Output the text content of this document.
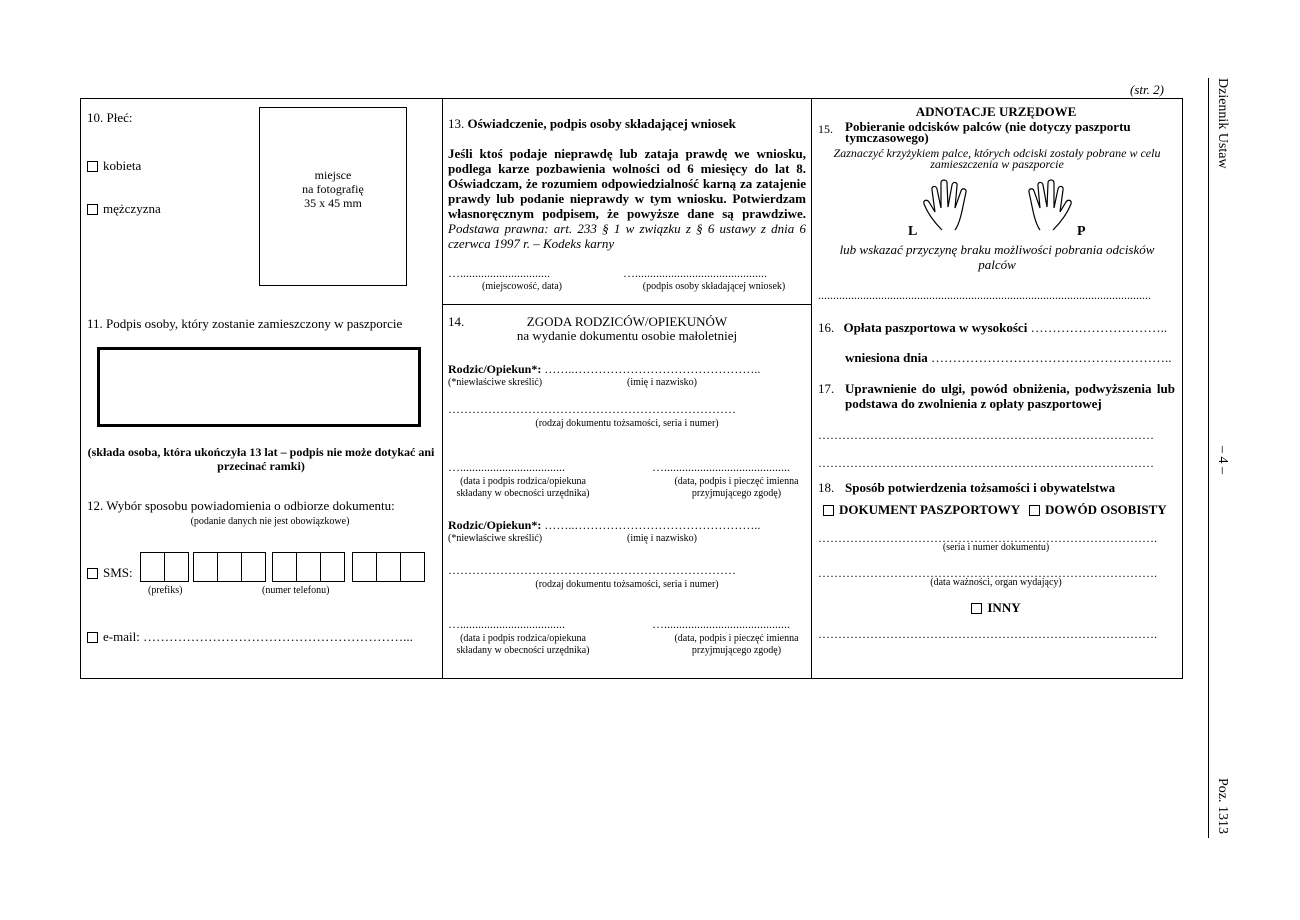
Dziennik Ustaw
– 4 –
Poz. 1313
(str. 2)
10. Płeć:
kobieta
mężczyzna
miejsce
na fotografię
35 x 45 mm
11. Podpis osoby, który zostanie zamieszczony w paszporcie
(składa osoba, która ukończyła 13 lat – podpis nie może dotykać ani przecinać ramki)
12. Wybór sposobu powiadomienia o odbiorze dokumentu:
(podanie danych nie jest obowiązkowe)
SMS:
(prefiks)	(numer telefonu)
e-mail: ……………………………………………………...
13. Oświadczenie, podpis osoby składającej wniosek
Jeśli ktoś podaje nieprawdę lub zataja prawdę we wniosku, podlega karze pozbawienia wolności od 6 miesięcy do lat 8. Oświadczam, że rozumiem odpowiedzialność karną za zatajenie prawdy lub podanie nieprawdy w tym wniosku. Potwierdzam własnoręcznym podpisem, że powyższe dane są prawdziwe. Podstawa prawna: art. 233 § 1 w związku z § 6 ustawy z dnia 6 czerwca 1997 r. – Kodeks karny
…..............................	…............................................
(miejscowość, data)	(podpis osoby składającej wniosek)
14.	ZGODA RODZICÓW/OPIEKUNÓW
na wydanie dokumentu osobie małoletniej
Rodzic/Opiekun*: ……..………………………………………..
(*niewłaściwe skreślić)	(imię i nazwisko)
………………………………………………………………
(rodzaj dokumentu tożsamości, seria i numer)
…...................................	…..........................................
(data i podpis rodzica/opiekuna składany w obecności urzędnika)
(data, podpis i pieczęć imienna przyjmującego zgodę)
Rodzic/Opiekun*: ……..………………………………………..
(*niewłaściwe skreślić)	(imię i nazwisko)
………………………………………………………………
(rodzaj dokumentu tożsamości, seria i numer)
…...................................	…..........................................
(data i podpis rodzica/opiekuna składany w obecności urzędnika)
(data, podpis i pieczęć imienna przyjmującego zgodę)
ADNOTACJE URZĘDOWE
15. Pobieranie odcisków palców (nie dotyczy paszportu tymczasowego)
Zaznaczyć krzyżykiem palce, których odciski zostały pobrane w celu zamieszczenia w paszporcie
L	P
lub wskazać przyczynę braku możliwości pobrania odcisków palców
...............................................................................................................
16. Opłata paszportowa w wysokości …………………………..
wniesiona dnia ………………………………………………..
17. Uprawnienie do ulgi, powód obniżenia, podwyższenia lub podstawa do zwolnienia z opłaty paszportowej
…………………………………………………………………………
…………………………………………………………………………
18. Sposób potwierdzenia tożsamości i obywatelstwa
DOKUMENT PASZPORTOWY DOWÓD OSOBISTY
………………………………………………………………………….
(seria i numer dokumentu)
………………………………………………………………………….
(data ważności, organ wydający)
INNY
………………………………………………………………………….
